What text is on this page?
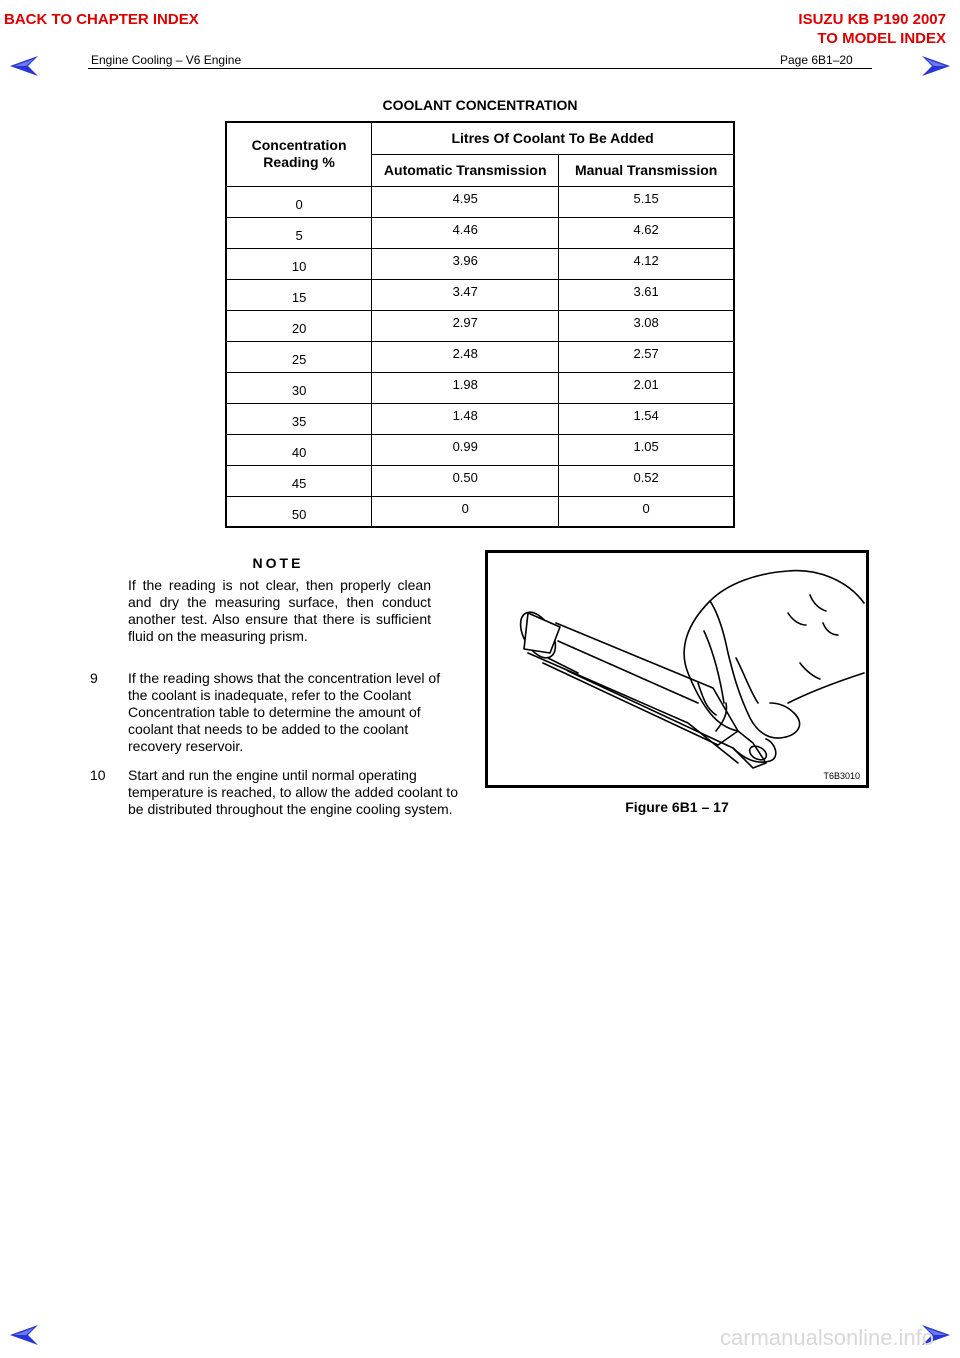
BACK TO CHAPTER INDEX	ISUZU KB P190 2007
TO MODEL INDEX
Engine Cooling – V6 Engine	Page 6B1–20
COOLANT CONCENTRATION
Concentration Reading %	Litres Of Coolant To Be Added	
	Automatic Transmission	Manual Transmission
0	4.95	5.15
5	4.46	4.62
10	3.96	4.12
15	3.47	3.61
20	2.97	3.08
25	2.48	2.57
30	1.98	2.01
35	1.48	1.54
40	0.99	1.05
45	0.50	0.52
50	0	0
NOTE
If the reading is not clear, then properly clean and dry the measuring surface, then conduct another test. Also ensure that there is sufficient fluid on the measuring prism.
9 If the reading shows that the concentration level of the coolant is inadequate, refer to the Coolant Concentration table to determine the amount of coolant that needs to be added to the coolant recovery reservoir.
10 Start and run the engine until normal operating temperature is reached, to allow the added coolant to be distributed throughout the engine cooling system.
T6B3010
Figure 6B1 – 17
carmanualsonline.info
